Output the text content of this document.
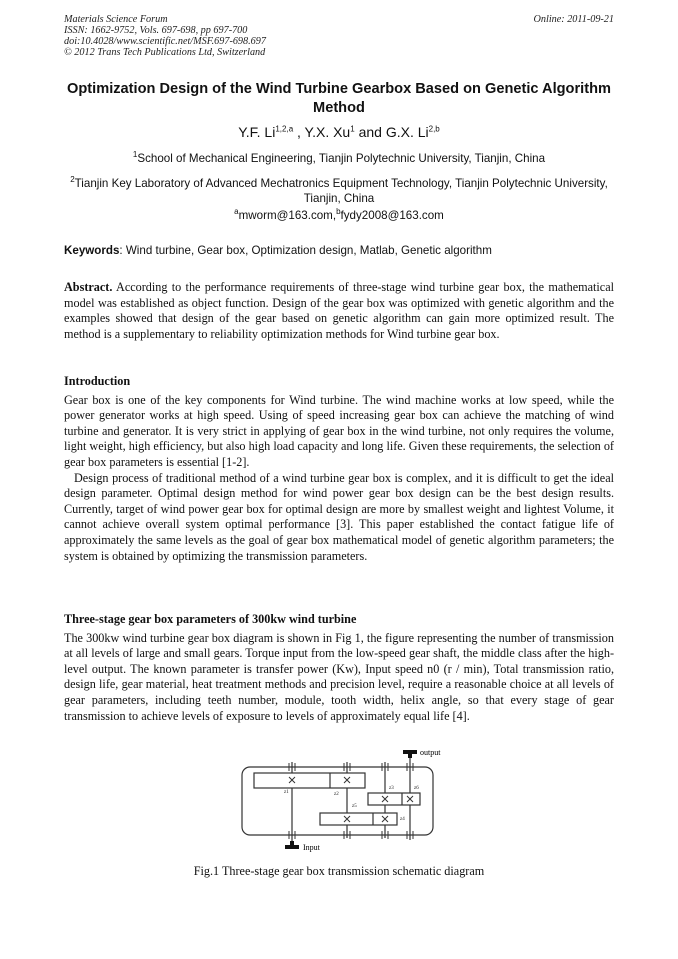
Materials Science Forum
ISSN: 1662-9752, Vols. 697-698, pp 697-700
doi:10.4028/www.scientific.net/MSF.697-698.697
© 2012 Trans Tech Publications Ltd, Switzerland
Online: 2011-09-21
Optimization Design of the Wind Turbine Gearbox Based on Genetic Algorithm Method
Y.F. Li$^{1,2,a}$ , Y.X. Xu$^1$ and G.X. Li$^{2,b}$
$^1$School of Mechanical Engineering, Tianjin Polytechnic University, Tianjin, China
$^2$Tianjin Key Laboratory of Advanced Mechatronics Equipment Technology, Tianjin Polytechnic University, Tianjin, China
$^a$mworm@163.com,$^b$fydy2008@163.com
Keywords: Wind turbine, Gear box, Optimization design, Matlab, Genetic algorithm

Abstract. According to the performance requirements of three-stage wind turbine gear box, the mathematical model was established as object function. Design of the gear box was optimized with genetic algorithm and the examples showed that design of the gear based on genetic algorithm can gain more optimized result. The method is a supplementary to reliability optimization methods for Wind turbine gear box.

Introduction

Gear box is one of the key components for Wind turbine. The wind machine works at low speed, while the power generator works at high speed. Using of speed increasing gear box can achieve the matching of wind turbine and generator. It is very strict in applying of gear box in the wind turbine, not only requires the volume, light weight, high efficiency, but also high load capacity and long life. Given these requirements, the selection of gear box parameters is essential [1-2].

Design process of traditional method of a wind turbine gear box is complex, and it is difficult to get the ideal design parameter. Optimal design method for wind power gear box design can be the best design results. Currently, target of wind power gear box for optimal design are more by smallest weight and lightest Volume, it cannot achieve overall system optimal performance [3]. This paper established the contact fatigue life of approximately the same levels as the goal of gear box mathematical model of genetic algorithm parameters; the system is obtained by optimizing the transmission parameters.

Three-stage gear box parameters of 300kw wind turbine

The 300kw wind turbine gear box diagram is shown in Fig 1, the figure representing the number of transmission at all levels of large and small gears. Torque input from the low-speed gear shaft, the middle class after the high-level output. The known parameter is transfer power (Kw), Input speed n0 (r / min), Total transmission ratio, design life, gear material, heat treatment methods and precision level, require a reasonable choice at all levels of gear parameters, including teeth number, module, tooth width, helix angle, so that every stage of gear transmission to achieve levels of exposure to levels of approximately equal life [4].

z1	z2
z3
z4
z5
z6
output
Input
Fig.1 Three-stage gear box transmission schematic diagram
